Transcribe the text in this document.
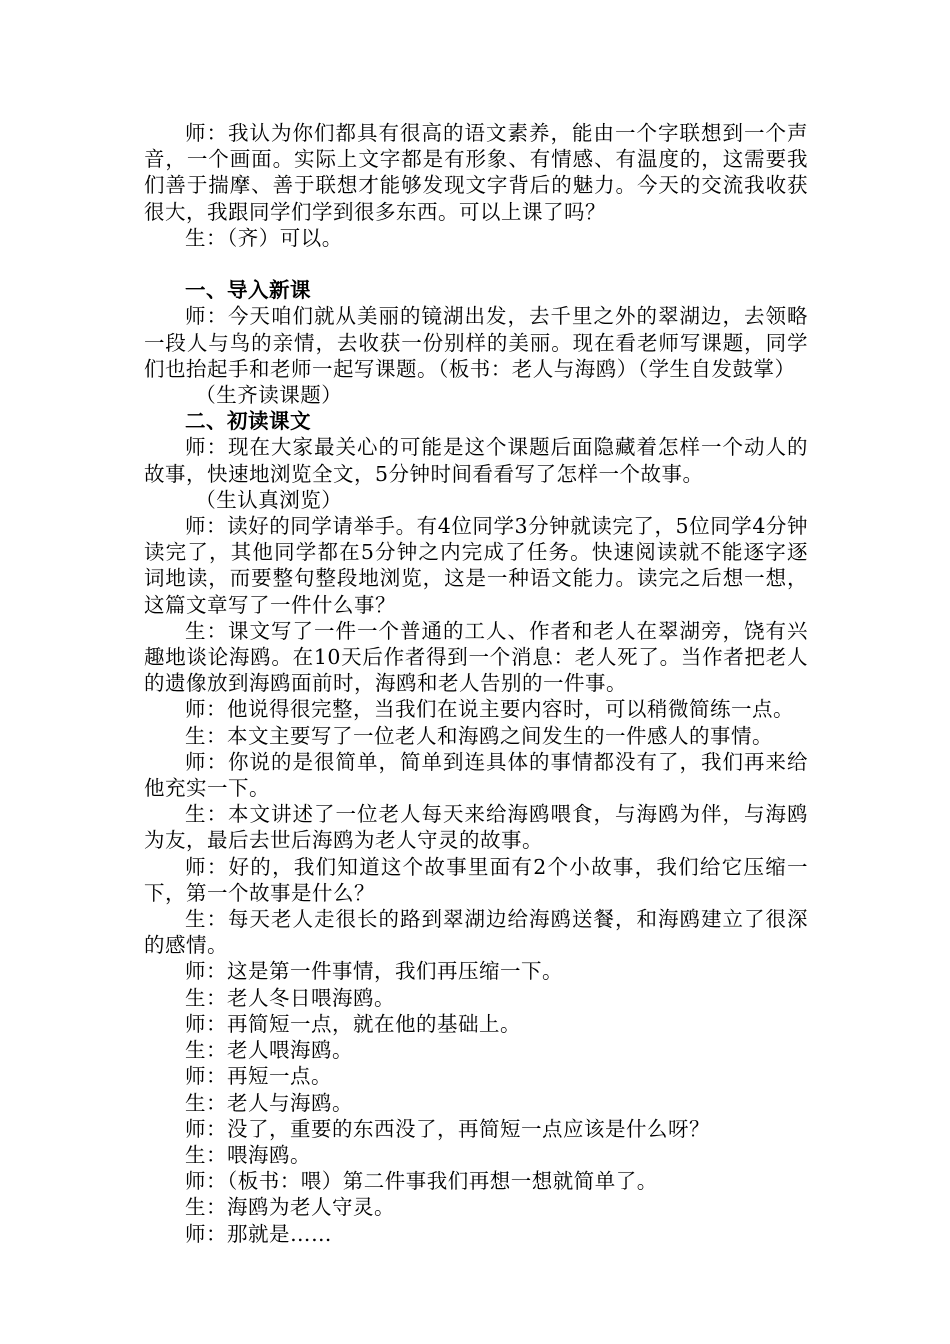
师：我认为你们都具有很高的语文素养，能由一个字联想到一个声音，一个画面。实际上文字都是有形象、有情感、有温度的，这需要我们善于揣摩、善于联想才能够发现文字背后的魅力。今天的交流我收获很大，我跟同学们学到很多东西。可以上课了吗？

生：（齐）可以。

一、导入新课

师：今天咱们就从美丽的镜湖出发，去千里之外的翠湖边，去领略一段人与鸟的亲情，去收获一份别样的美丽。现在看老师写课题，同学们也抬起手和老师一起写课题。（板书：老人与海鸥）（学生自发鼓掌）

（生齐读课题）

二、初读课文

师：现在大家最关心的可能是这个课题后面隐藏着怎样一个动人的故事，快速地浏览全文，5分钟时间看看写了怎样一个故事。

（生认真浏览）

师：读好的同学请举手。有4位同学3分钟就读完了，5位同学4分钟读完了，其他同学都在5分钟之内完成了任务。快速阅读就不能逐字逐词地读，而要整句整段地浏览，这是一种语文能力。读完之后想一想，这篇文章写了一件什么事？

生：课文写了一件一个普通的工人、作者和老人在翠湖旁，饶有兴趣地谈论海鸥。在10天后作者得到一个消息：老人死了。当作者把老人的遗像放到海鸥面前时，海鸥和老人告别的一件事。

师：他说得很完整，当我们在说主要内容时，可以稍微简练一点。

生：本文主要写了一位老人和海鸥之间发生的一件感人的事情。

师：你说的是很简单，简单到连具体的事情都没有了，我们再来给他充实一下。

生：本文讲述了一位老人每天来给海鸥喂食，与海鸥为伴，与海鸥为友，最后去世后海鸥为老人守灵的故事。

师：好的，我们知道这个故事里面有2个小故事，我们给它压缩一下，第一个故事是什么？

生：每天老人走很长的路到翠湖边给海鸥送餐，和海鸥建立了很深的感情。

师：这是第一件事情，我们再压缩一下。

生：老人冬日喂海鸥。

师：再简短一点，就在他的基础上。

生：老人喂海鸥。

师：再短一点。

生：老人与海鸥。

师：没了，重要的东西没了，再简短一点应该是什么呀？

生：喂海鸥。

师：（板书：喂）第二件事我们再想一想就简单了。

生：海鸥为老人守灵。

师：那就是……
